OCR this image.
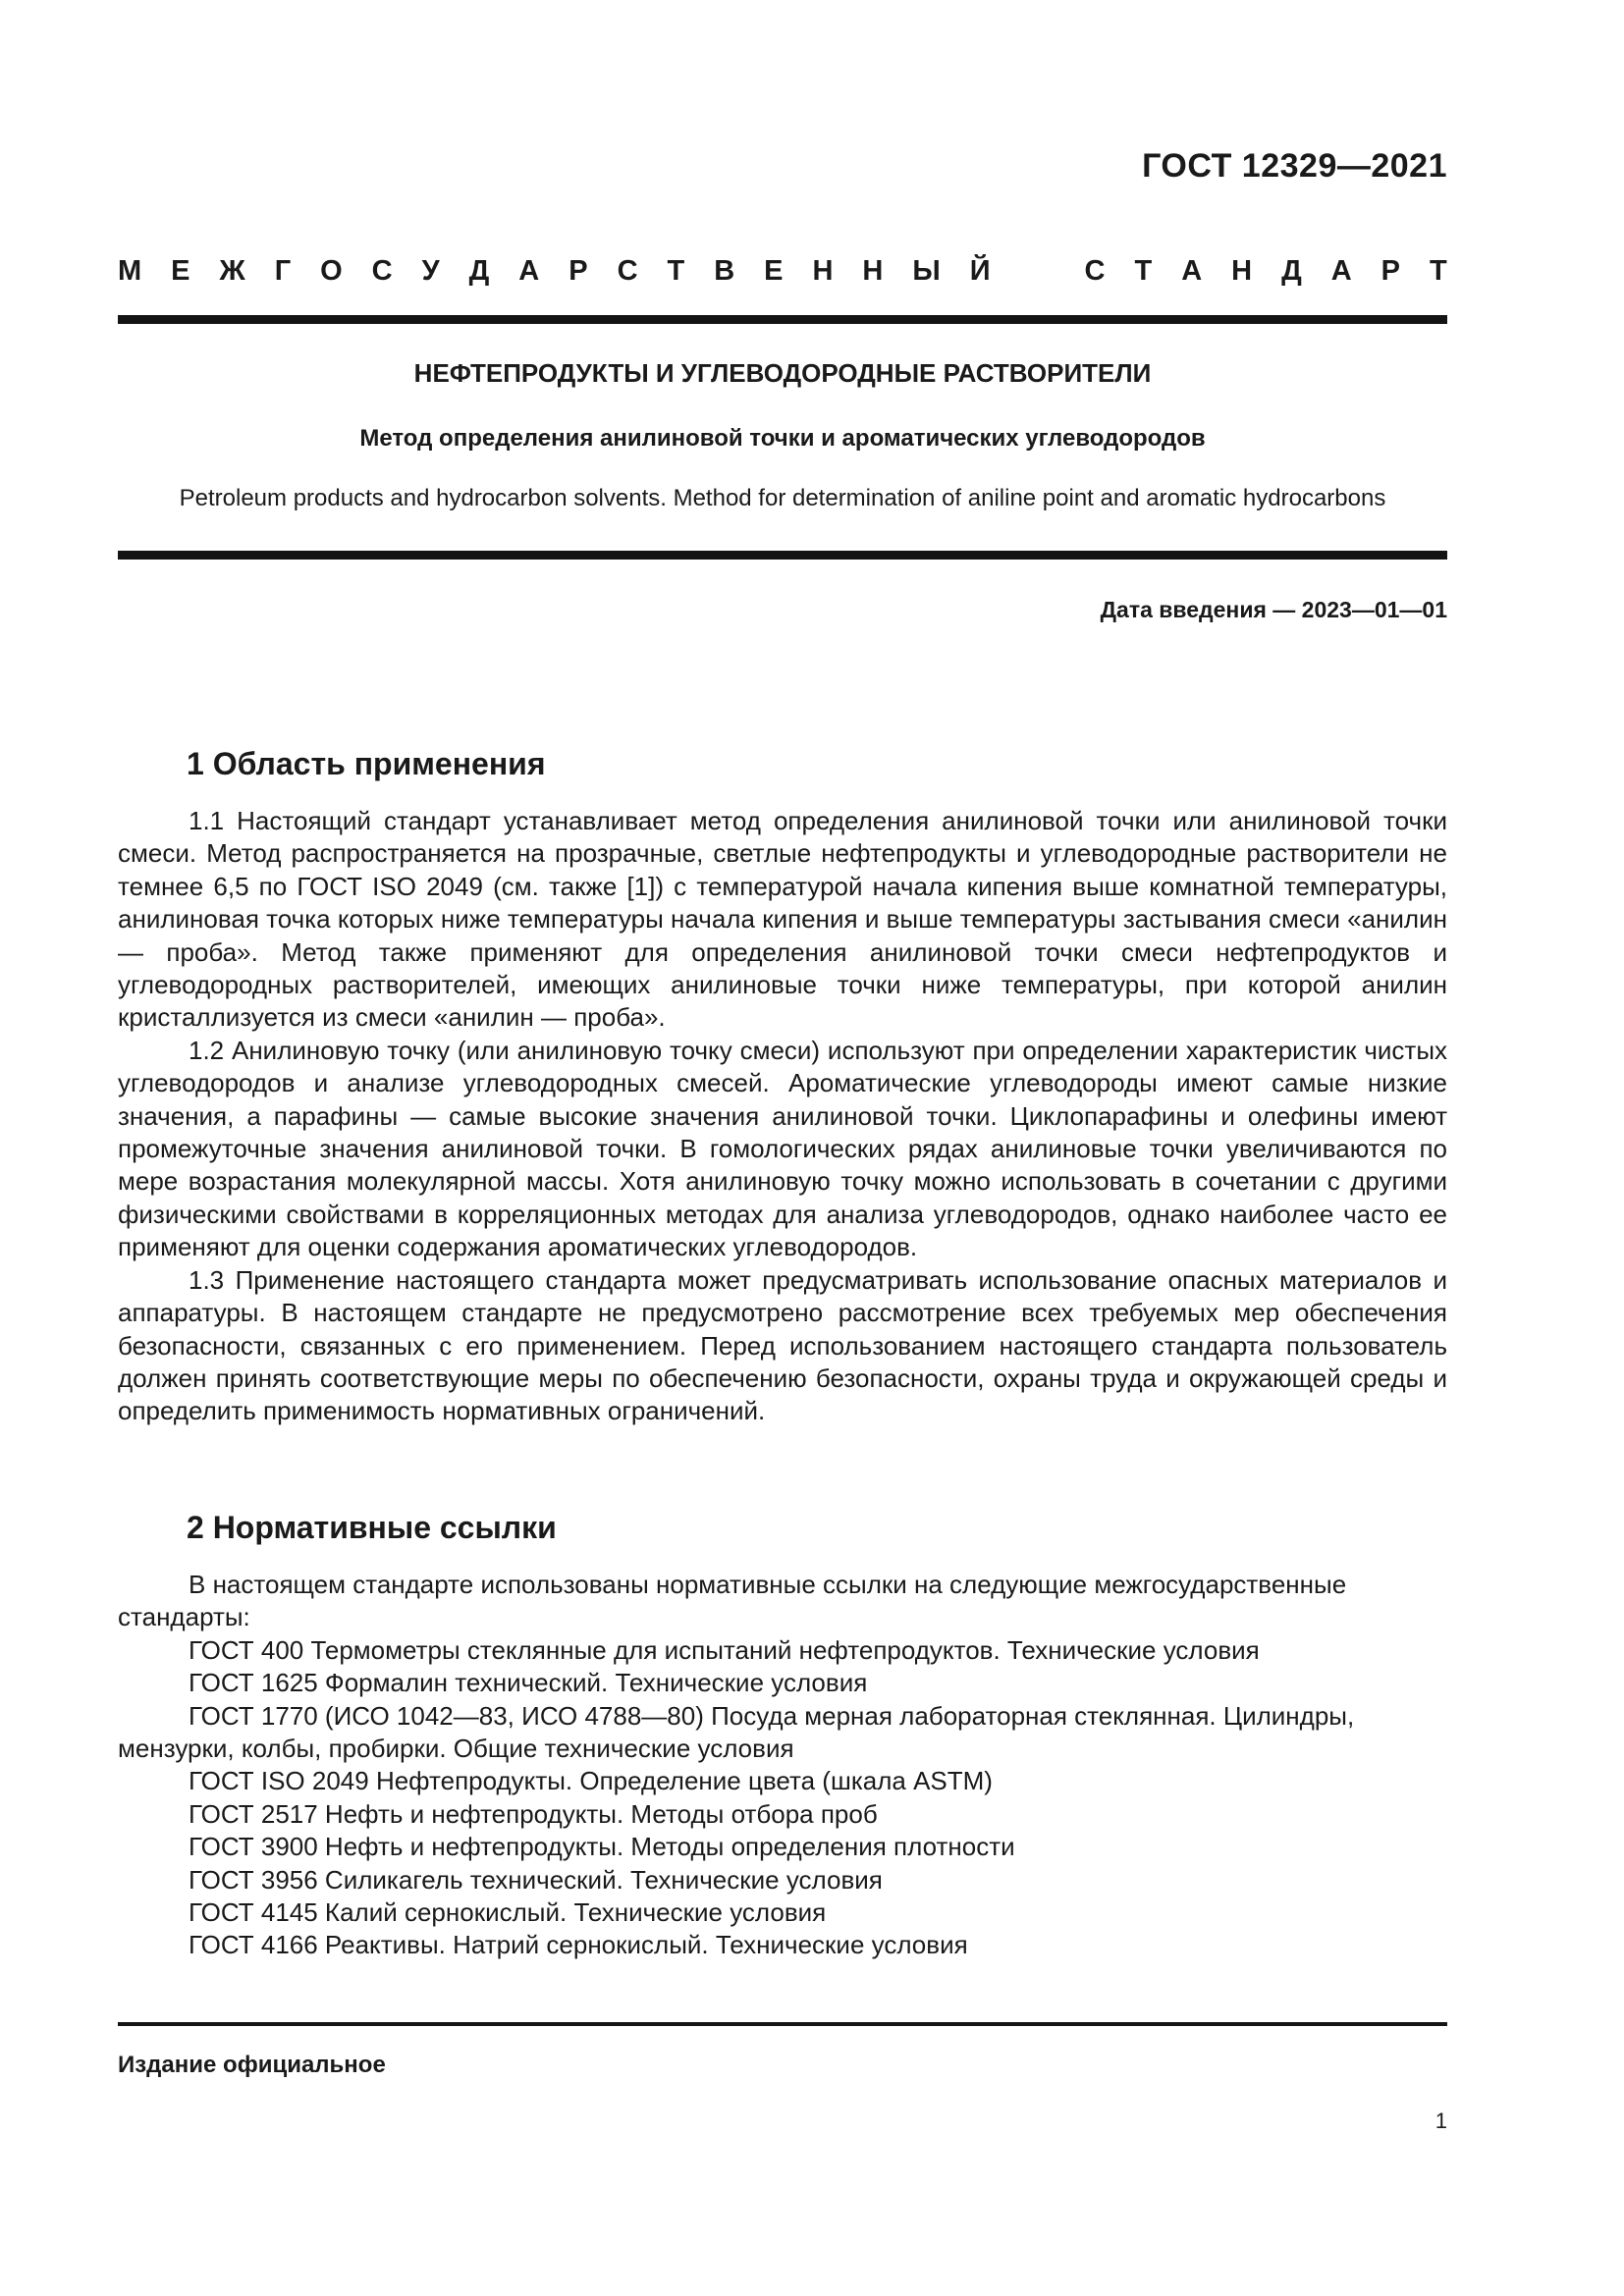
ГОСТ 12329—2021
М Е Ж Г О С У Д А Р С Т В Е Н Н Ы Й	С Т А Н Д А Р Т
НЕФТЕПРОДУКТЫ И УГЛЕВОДОРОДНЫЕ РАСТВОРИТЕЛИ
Метод определения анилиновой точки и ароматических углеводородов
Petroleum products and hydrocarbon solvents. Method for determination of aniline point and aromatic hydrocarbons
Дата введения — 2023—01—01
1 Область применения

1.1 Настоящий стандарт устанавливает метод определения анилиновой точки или анилиновой точки смеси. Метод распространяется на прозрачные, светлые нефтепродукты и углеводородные растворители не темнее 6,5 по ГОСТ ISO 2049 (см. также [1]) с температурой начала кипения выше комнатной температуры, анилиновая точка которых ниже температуры начала кипения и выше температуры застывания смеси «анилин — проба». Метод также применяют для определения анилиновой точки смеси нефтепродуктов и углеводородных растворителей, имеющих анилиновые точки ниже температуры, при которой анилин кристаллизуется из смеси «анилин — проба».

1.2 Анилиновую точку (или анилиновую точку смеси) используют при определении характеристик чистых углеводородов и анализе углеводородных смесей. Ароматические углеводороды имеют самые низкие значения, а парафины — самые высокие значения анилиновой точки. Циклопарафины и олефины имеют промежуточные значения анилиновой точки. В гомологических рядах анилиновые точки увеличиваются по мере возрастания молекулярной массы. Хотя анилиновую точку можно использовать в сочетании с другими физическими свойствами в корреляционных методах для анализа углеводородов, однако наиболее часто ее применяют для оценки содержания ароматических углеводородов.

1.3 Применение настоящего стандарта может предусматривать использование опасных материалов и аппаратуры. В настоящем стандарте не предусмотрено рассмотрение всех требуемых мер обеспечения безопасности, связанных с его применением. Перед использованием настоящего стандарта пользователь должен принять соответствующие меры по обеспечению безопасности, охраны труда и окружающей среды и определить применимость нормативных ограничений.

2 Нормативные ссылки

В настоящем стандарте использованы нормативные ссылки на следующие межгосударственные стандарты:

ГОСТ 400 Термометры стеклянные для испытаний нефтепродуктов. Технические условия

ГОСТ 1625 Формалин технический. Технические условия

ГОСТ 1770 (ИСО 1042—83, ИСО 4788—80) Посуда мерная лабораторная стеклянная. Цилиндры, мензурки, колбы, пробирки. Общие технические условия

ГОСТ ISO 2049 Нефтепродукты. Определение цвета (шкала ASTM)

ГОСТ 2517 Нефть и нефтепродукты. Методы отбора проб

ГОСТ 3900 Нефть и нефтепродукты. Методы определения плотности

ГОСТ 3956 Силикагель технический. Технические условия

ГОСТ 4145 Калий сернокислый. Технические условия

ГОСТ 4166 Реактивы. Натрий сернокислый. Технические условия

Издание официальное
1
